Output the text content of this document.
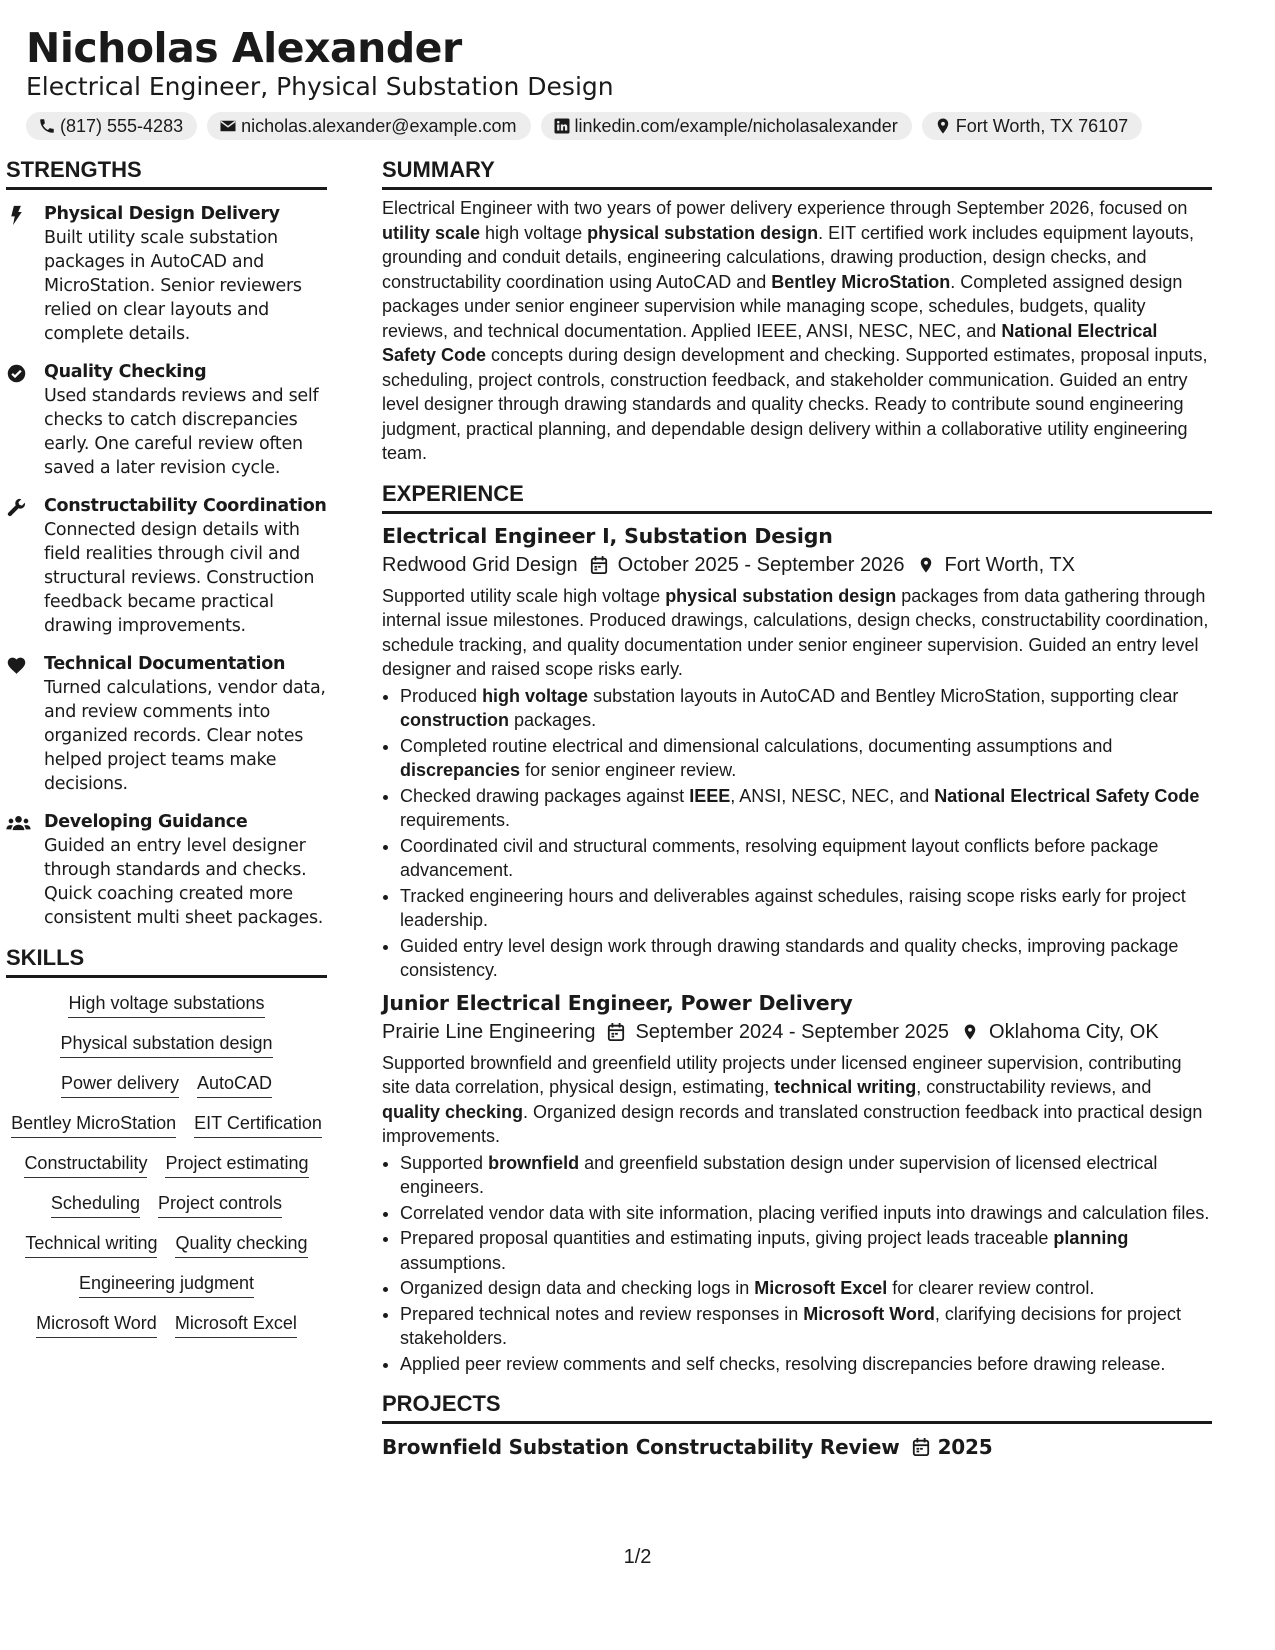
Nicholas Alexander
Electrical Engineer, Physical Substation Design
(817) 555-4283	nicholas.alexander@example.com	linkedin.com/example/nicholasalexander	Fort Worth, TX 76107
STRENGTHS
Physical Design Delivery
Built utility scale substation packages in AutoCAD and MicroStation. Senior reviewers relied on clear layouts and complete details.
Quality Checking
Used standards reviews and self checks to catch discrepancies early. One careful review often saved a later revision cycle.
Constructability Coordination
Connected design details with field realities through civil and structural reviews. Construction feedback became practical drawing improvements.
Technical Documentation
Turned calculations, vendor data, and review comments into organized records. Clear notes helped project teams make decisions.
Developing Guidance
Guided an entry level designer through standards and checks. Quick coaching created more consistent multi sheet packages.
SKILLS
High voltage substations
Physical substation design
Power delivery AutoCAD
Bentley MicroStation EIT Certification
Constructability Project estimating
Scheduling Project controls
Technical writing Quality checking
Engineering judgment
Microsoft Word Microsoft Excel
SUMMARY
Electrical Engineer with two years of power delivery experience through September 2026, focused on utility scale high voltage physical substation design. EIT certified work includes equipment layouts, grounding and conduit details, engineering calculations, drawing production, design checks, and constructability coordination using AutoCAD and Bentley MicroStation. Completed assigned design packages under senior engineer supervision while managing scope, schedules, budgets, quality reviews, and technical documentation. Applied IEEE, ANSI, NESC, NEC, and National Electrical Safety Code concepts during design development and checking. Supported estimates, proposal inputs, scheduling, project controls, construction feedback, and stakeholder communication. Guided an entry level designer through drawing standards and quality checks. Ready to contribute sound engineering judgment, practical planning, and dependable design delivery within a collaborative utility engineering team.
EXPERIENCE
Electrical Engineer I, Substation Design
Redwood Grid Design October 2025 - September 2026 Fort Worth, TX
Supported utility scale high voltage physical substation design packages from data gathering through internal issue milestones. Produced drawings, calculations, design checks, constructability coordination, schedule tracking, and quality documentation under senior engineer supervision. Guided an entry level designer and raised scope risks early.
• Produced high voltage substation layouts in AutoCAD and Bentley MicroStation, supporting clear construction packages.
• Completed routine electrical and dimensional calculations, documenting assumptions and discrepancies for senior engineer review.
• Checked drawing packages against IEEE, ANSI, NESC, NEC, and National Electrical Safety Code requirements.
• Coordinated civil and structural comments, resolving equipment layout conflicts before package advancement.
• Tracked engineering hours and deliverables against schedules, raising scope risks early for project leadership.
• Guided entry level design work through drawing standards and quality checks, improving package consistency.
Junior Electrical Engineer, Power Delivery
Prairie Line Engineering September 2024 - September 2025 Oklahoma City, OK
Supported brownfield and greenfield utility projects under licensed engineer supervision, contributing site data correlation, physical design, estimating, technical writing, constructability reviews, and quality checking. Organized design records and translated construction feedback into practical design improvements.
• Supported brownfield and greenfield substation design under supervision of licensed electrical engineers.
• Correlated vendor data with site information, placing verified inputs into drawings and calculation files.
• Prepared proposal quantities and estimating inputs, giving project leads traceable planning assumptions.
• Organized design data and checking logs in Microsoft Excel for clearer review control.
• Prepared technical notes and review responses in Microsoft Word, clarifying decisions for project stakeholders.
• Applied peer review comments and self checks, resolving discrepancies before drawing release.
PROJECTS
Brownfield Substation Constructability Review 2025
1/2
